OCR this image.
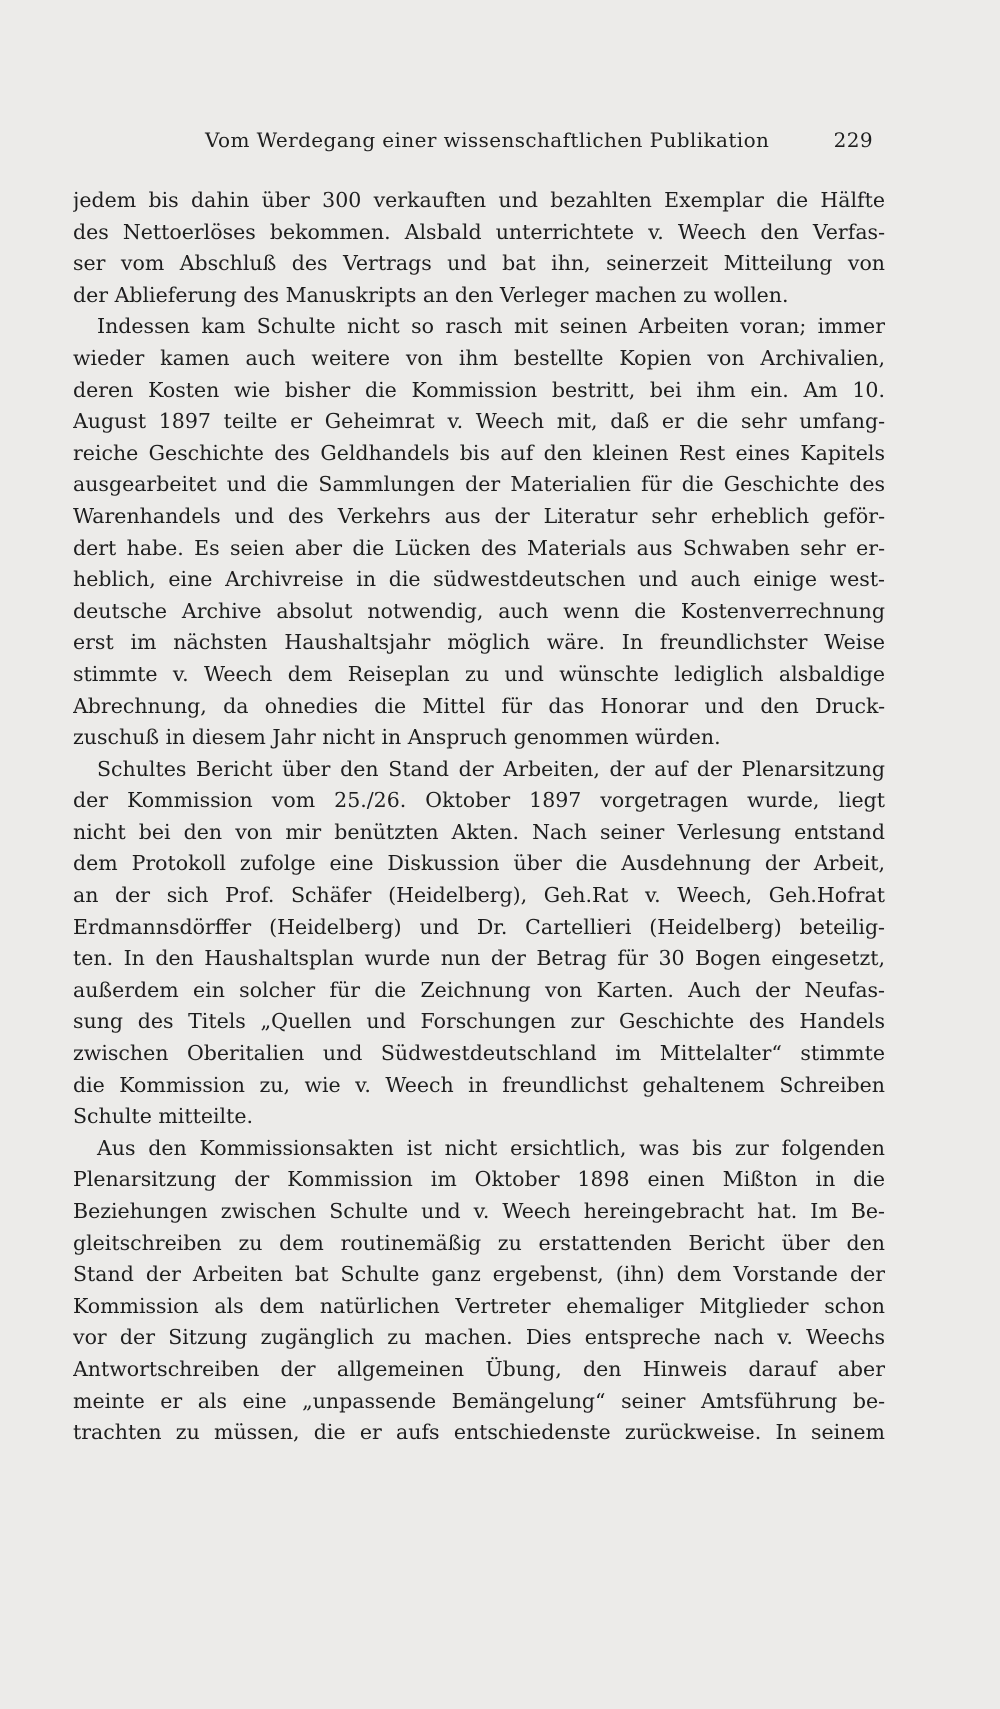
Vom Werdegang einer wissenschaftlichen Publikation	229
jedem bis dahin über 300 verkauften und bezahlten Exemplar die Hälfte
des Nettoerlöses bekommen. Alsbald unterrichtete v. Weech den Verfas-
ser vom Abschluß des Vertrags und bat ihn, seinerzeit Mitteilung von
der Ablieferung des Manuskripts an den Verleger machen zu wollen.
Indessen kam Schulte nicht so rasch mit seinen Arbeiten voran; immer
wieder kamen auch weitere von ihm bestellte Kopien von Archivalien,
deren Kosten wie bisher die Kommission bestritt, bei ihm ein. Am 10.
August 1897 teilte er Geheimrat v. Weech mit, daß er die sehr umfang-
reiche Geschichte des Geldhandels bis auf den kleinen Rest eines Kapitels
ausgearbeitet und die Sammlungen der Materialien für die Geschichte des
Warenhandels und des Verkehrs aus der Literatur sehr erheblich geför-
dert habe. Es seien aber die Lücken des Materials aus Schwaben sehr er-
heblich, eine Archivreise in die südwestdeutschen und auch einige west-
deutsche Archive absolut notwendig, auch wenn die Kostenverrechnung
erst im nächsten Haushaltsjahr möglich wäre. In freundlichster Weise
stimmte v. Weech dem Reiseplan zu und wünschte lediglich alsbaldige
Abrechnung, da ohnedies die Mittel für das Honorar und den Druck-
zuschuß in diesem Jahr nicht in Anspruch genommen würden.
Schultes Bericht über den Stand der Arbeiten, der auf der Plenarsitzung
der Kommission vom 25./26. Oktober 1897 vorgetragen wurde, liegt
nicht bei den von mir benützten Akten. Nach seiner Verlesung entstand
dem Protokoll zufolge eine Diskussion über die Ausdehnung der Arbeit,
an der sich Prof. Schäfer (Heidelberg), Geh.Rat v. Weech, Geh.Hofrat
Erdmannsdörffer (Heidelberg) und Dr. Cartellieri (Heidelberg) beteilig-
ten. In den Haushaltsplan wurde nun der Betrag für 30 Bogen eingesetzt,
außerdem ein solcher für die Zeichnung von Karten. Auch der Neufas-
sung des Titels „Quellen und Forschungen zur Geschichte des Handels
zwischen Oberitalien und Südwestdeutschland im Mittelalter“ stimmte
die Kommission zu, wie v. Weech in freundlichst gehaltenem Schreiben
Schulte mitteilte.
Aus den Kommissionsakten ist nicht ersichtlich, was bis zur folgenden
Plenarsitzung der Kommission im Oktober 1898 einen Mißton in die
Beziehungen zwischen Schulte und v. Weech hereingebracht hat. Im Be-
gleitschreiben zu dem routinemäßig zu erstattenden Bericht über den
Stand der Arbeiten bat Schulte ganz ergebenst, (ihn) dem Vorstande der
Kommission als dem natürlichen Vertreter ehemaliger Mitglieder schon
vor der Sitzung zugänglich zu machen. Dies entspreche nach v. Weechs
Antwortschreiben der allgemeinen Übung, den Hinweis darauf aber
meinte er als eine „unpassende Bemängelung“ seiner Amtsführung be-
trachten zu müssen, die er aufs entschiedenste zurückweise. In seinem
